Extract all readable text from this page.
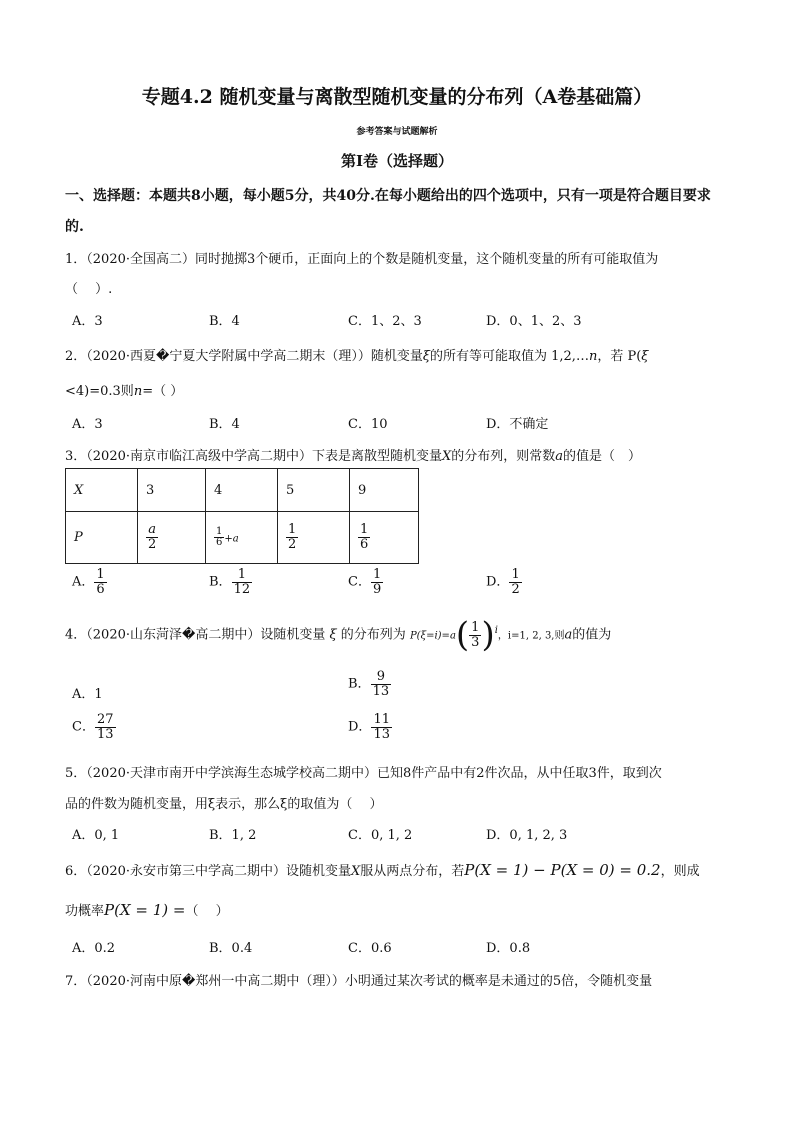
专题4.2 随机变量与离散型随机变量的分布列（A卷基础篇）
参考答案与试题解析
第Ⅰ卷（选择题）
一、选择题：本题共8小题，每小题5分，共40分.在每小题给出的四个选项中，只有一项是符合题目要求
的.
1．（2020·全国高二）同时抛掷3个硬币，正面向上的个数是随机变量，这个随机变量的所有可能取值为
（　 ）.
A．3	B．4	C．1、2、3	D．0、1、2、3
2．（2020·西夏�宁夏大学附属中学高二期末（理））随机变量ξ的所有等可能取值为 1,2,…n，若 P(ξ
<4)=0.3则n=（ ）
A．3	B．4	C．10	D．不确定
3．（2020·南京市临江高级中学高二期中）下表是离散型随机变量X的分布列，则常数a的值是（　）
X	3	4	5	9
P	$\frac{a}{2}$	$\frac{1}{6} +a$	$\frac{1}{2}$	$\frac{1}{6}$
A． $\frac{1}{6}$	B． $\frac{1}{12}$	C． $\frac{1}{9}$	D． $\frac{1}{2}$
4．（2020·山东菏泽�高二期中）设随机变量 ξ 的分布列为 $P(\xi=i)=a( \frac{1}{3} )^i$，i=1, 2, 3,则a的值为
A．1
B． $\frac{9}{13}$
C． $\frac{27}{13}$	D． $\frac{11}{13}$
5．（2020·天津市南开中学滨海生态城学校高二期中）已知8件产品中有2件次品，从中任取3件，取到次
品的件数为随机变量，用ξ表示，那么ξ的取值为（　 ）
A．0, 1	B．1, 2	C．0, 1, 2	D．0, 1, 2, 3
6．（2020·永安市第三中学高二期中）设随机变量X服从两点分布，若P(X = 1) − P(X = 0) = 0.2，则成
功概率P(X = 1) =（　 ）
A．0.2	B．0.4	C．0.6	D．0.8
7．（2020·河南中原�郑州一中高二期中（理））小明通过某次考试的概率是未通过的5倍，令随机变量
